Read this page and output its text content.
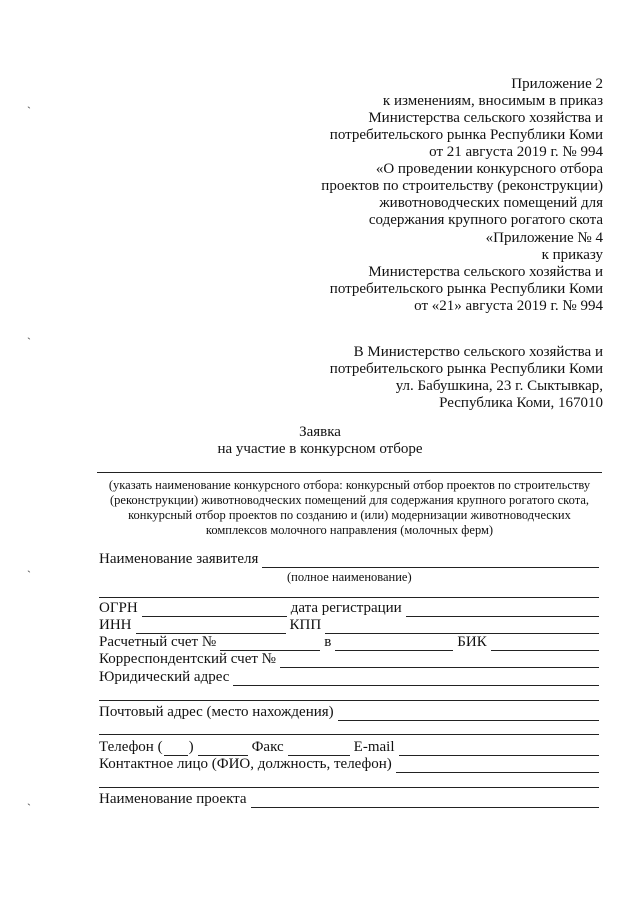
Приложение 2
к изменениям, вносимым в приказ
Министерства сельского хозяйства и
потребительского рынка Республики Коми
от 21 августа 2019 г. № 994
«О проведении конкурсного отбора
проектов по строительству (реконструкции)
животноводческих помещений для
содержания крупного рогатого скота
«Приложение № 4
к приказу
Министерства сельского хозяйства и
потребительского рынка Республики Коми
от «21» августа 2019 г. № 994
В Министерство сельского хозяйства и
потребительского рынка Республики Коми
ул. Бабушкина, 23 г. Сыктывкар,
Республика Коми, 167010
Заявка
на участие в конкурсном отборе
(указать наименование конкурсного отбора: конкурсный отбор проектов по строительству
(реконструкции) животноводческих помещений для содержания крупного рогатого скота,
конкурсный отбор проектов по созданию и (или) модернизации животноводческих
комплексов молочного направления (молочных ферм)
Наименование заявителя
(полное наименование)
ОГРН	дата регистрации
ИНН	КПП
Расчетный счет №	в	БИК
Корреспондентский счет №
Юридический адрес
Почтовый адрес (место нахождения)
Телефон ( )	Факс	E-mail
Контактное лицо (ФИО, должность, телефон)
Наименование проекта
ˎ
ˎ
ˎ
ˎ
